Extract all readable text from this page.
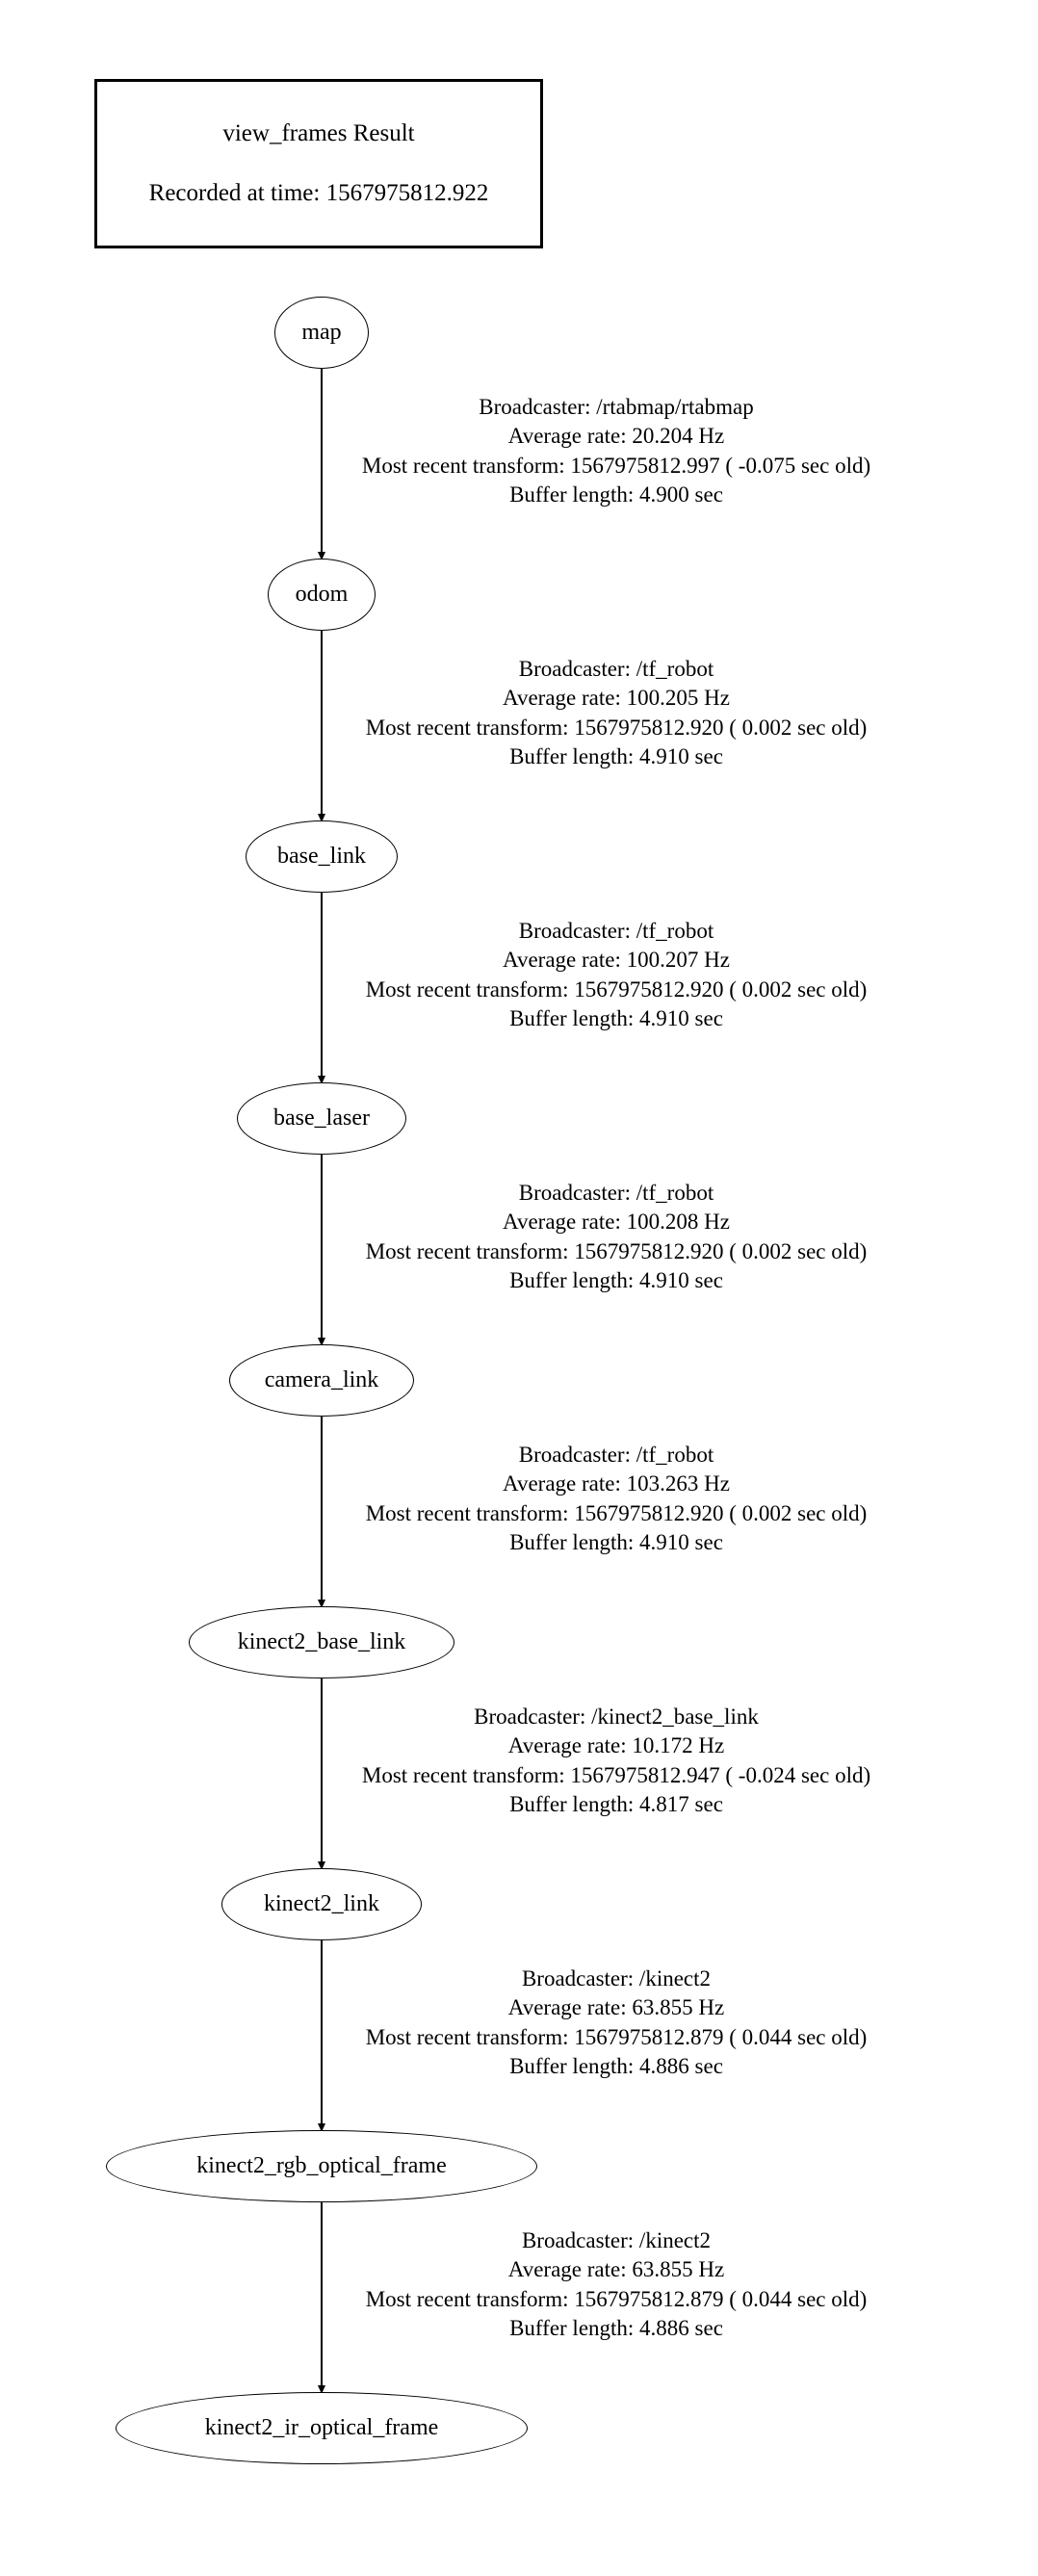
view_frames Result
Recorded at time: 1567975812.922
map
odom
base_link
base_laser
camera_link
kinect2_base_link
kinect2_link
kinect2_rgb_optical_frame
kinect2_ir_optical_frame
Broadcaster: /rtabmap/rtabmap
Average rate: 20.204 Hz
Most recent transform: 1567975812.997 ( -0.075 sec old)
Buffer length: 4.900 sec
Broadcaster: /tf_robot
Average rate: 100.205 Hz
Most recent transform: 1567975812.920 ( 0.002 sec old)
Buffer length: 4.910 sec
Broadcaster: /tf_robot
Average rate: 100.207 Hz
Most recent transform: 1567975812.920 ( 0.002 sec old)
Buffer length: 4.910 sec
Broadcaster: /tf_robot
Average rate: 100.208 Hz
Most recent transform: 1567975812.920 ( 0.002 sec old)
Buffer length: 4.910 sec
Broadcaster: /tf_robot
Average rate: 103.263 Hz
Most recent transform: 1567975812.920 ( 0.002 sec old)
Buffer length: 4.910 sec
Broadcaster: /kinect2_base_link
Average rate: 10.172 Hz
Most recent transform: 1567975812.947 ( -0.024 sec old)
Buffer length: 4.817 sec
Broadcaster: /kinect2
Average rate: 63.855 Hz
Most recent transform: 1567975812.879 ( 0.044 sec old)
Buffer length: 4.886 sec
Broadcaster: /kinect2
Average rate: 63.855 Hz
Most recent transform: 1567975812.879 ( 0.044 sec old)
Buffer length: 4.886 sec
